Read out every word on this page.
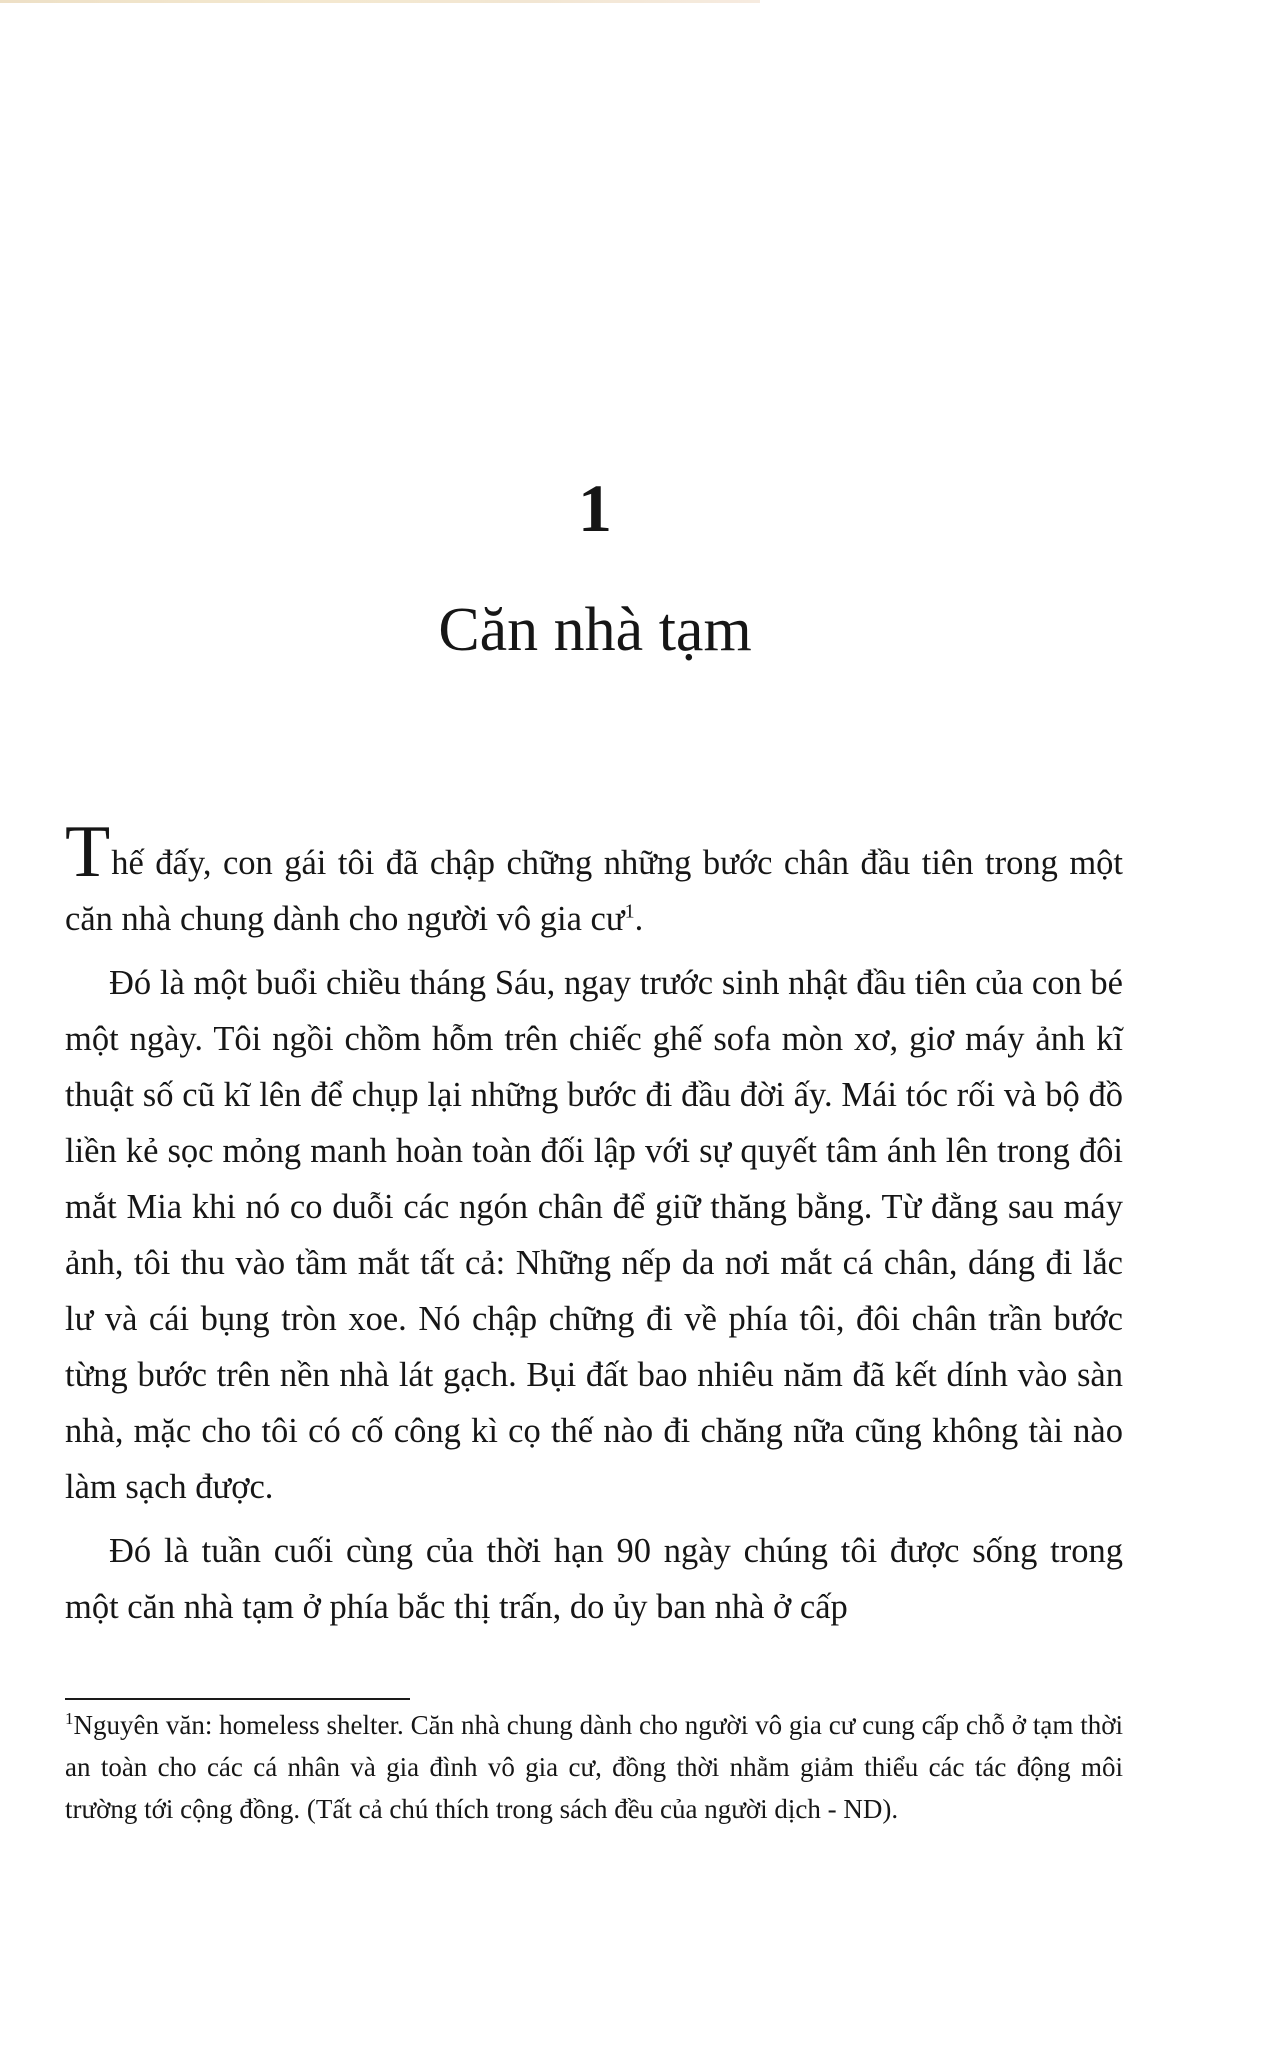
1
Căn nhà tạm

Thế đấy, con gái tôi đã chập chững những bước chân đầu tiên trong một căn nhà chung dành cho người vô gia cư$^1$.

Đó là một buổi chiều tháng Sáu, ngay trước sinh nhật đầu tiên của con bé một ngày. Tôi ngồi chồm hỗm trên chiếc ghế sofa mòn xơ, giơ máy ảnh kĩ thuật số cũ kĩ lên để chụp lại những bước đi đầu đời ấy. Mái tóc rối và bộ đồ liền kẻ sọc mỏng manh hoàn toàn đối lập với sự quyết tâm ánh lên trong đôi mắt Mia khi nó co duỗi các ngón chân để giữ thăng bằng. Từ đằng sau máy ảnh, tôi thu vào tầm mắt tất cả: Những nếp da nơi mắt cá chân, dáng đi lắc lư và cái bụng tròn xoe. Nó chập chững đi về phía tôi, đôi chân trần bước từng bước trên nền nhà lát gạch. Bụi đất bao nhiêu năm đã kết dính vào sàn nhà, mặc cho tôi có cố công kì cọ thế nào đi chăng nữa cũng không tài nào làm sạch được.

Đó là tuần cuối cùng của thời hạn 90 ngày chúng tôi được sống trong một căn nhà tạm ở phía bắc thị trấn, do ủy ban nhà ở cấp

$^1$Nguyên văn: homeless shelter. Căn nhà chung dành cho người vô gia cư cung cấp chỗ ở tạm thời an toàn cho các cá nhân và gia đình vô gia cư, đồng thời nhằm giảm thiểu các tác động môi trường tới cộng đồng. (Tất cả chú thích trong sách đều của người dịch - ND).
